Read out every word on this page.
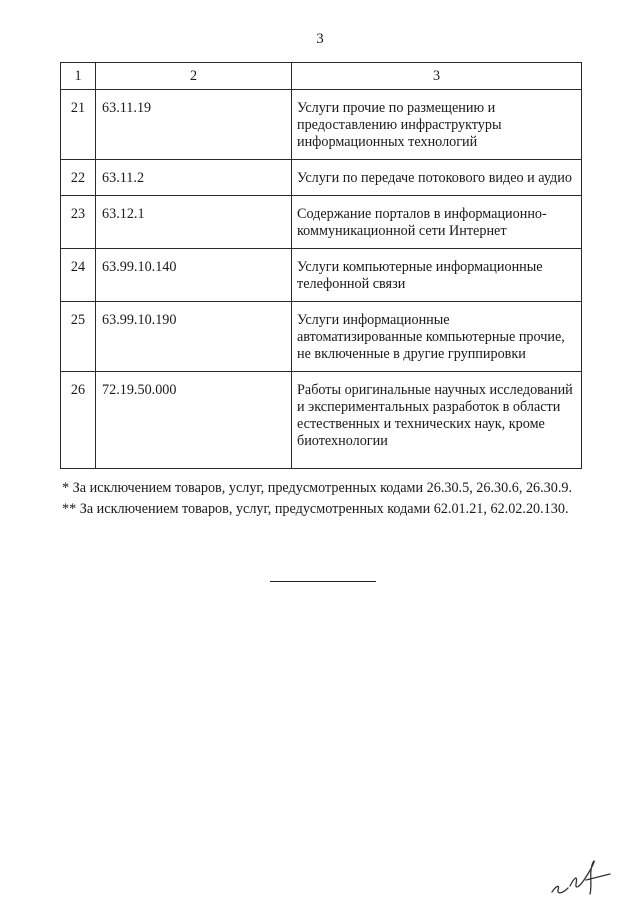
3
1	2	3
21	63.11.19	Услуги прочие по размещению и предоставлению инфраструктуры информационных технологий
22	63.11.2	Услуги по передаче потокового видео и аудио
23	63.12.1	Содержание порталов в информационно-коммуникационной сети Интернет
24	63.99.10.140	Услуги компьютерные информационные телефонной связи
25	63.99.10.190	Услуги информационные автоматизированные компьютерные прочие, не включенные в другие группировки
26	72.19.50.000	Работы оригинальные научных исследований и экспериментальных разработок в области естественных и технических наук, кроме биотехнологии

* За исключением товаров, услуг, предусмотренных кодами 26.30.5, 26.30.6, 26.30.9.

** За исключением товаров, услуг, предусмотренных кодами 62.01.21, 62.02.20.130.
